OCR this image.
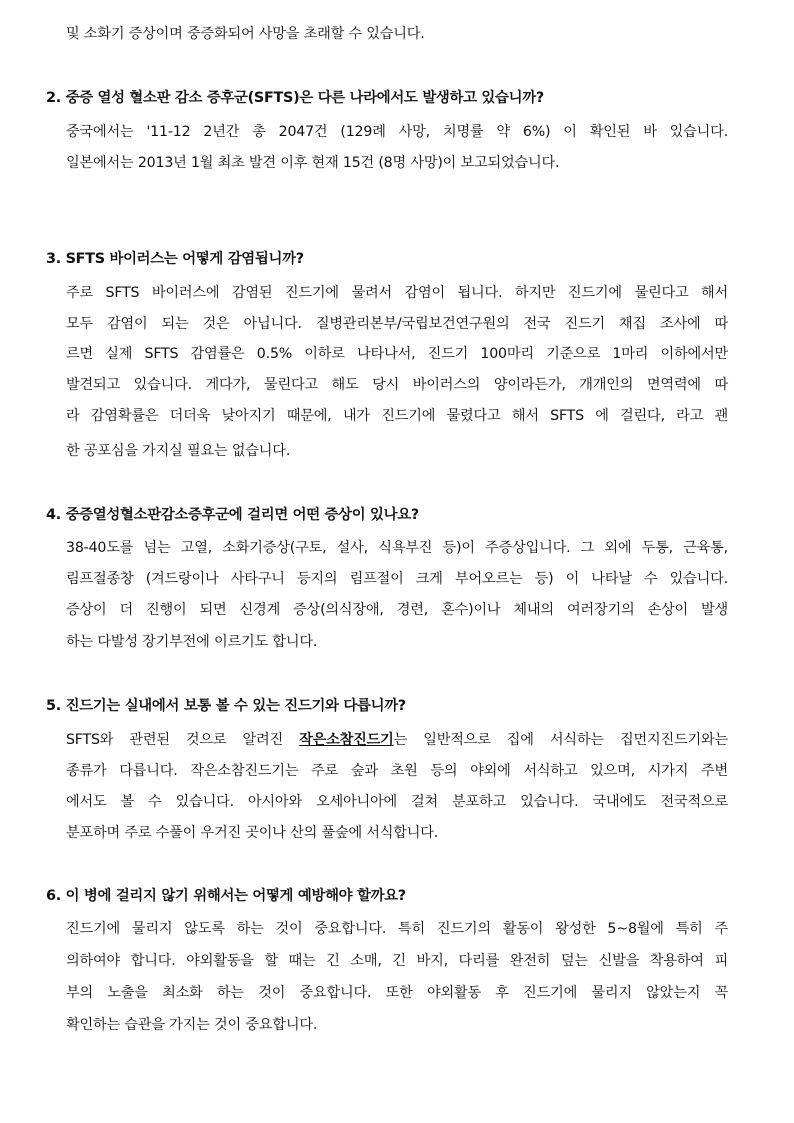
및 소화기 증상이며 중증화되어 사망을 초래할 수 있습니다.
2. 중증 열성 혈소판 감소 증후군(SFTS)은 다른 나라에서도 발생하고 있습니까?
중국에서는 '11-12 2년간 총 2047건 (129례 사망, 치명률 약 6%) 이 확인된 바 있습니다.
일본에서는 2013년 1월 최초 발견 이후 현재 15건 (8명 사망)이 보고되었습니다.
3. SFTS 바이러스는 어떻게 감염됩니까?
주로 SFTS 바이러스에 감염된 진드기에 물려서 감염이 됩니다. 하지만 진드기에 물린다고 해서
모두 감염이 되는 것은 아닙니다. 질병관리본부/국립보건연구원의 전국 진드기 채집 조사에 따
르면 실제 SFTS 감염률은 0.5% 이하로 나타나서, 진드기 100마리 기준으로 1마리 이하에서만
발견되고 있습니다. 게다가, 물린다고 해도 당시 바이러스의 양이라든가, 개개인의 면역력에 따
라 감염확률은 더더욱 낮아지기 때문에, 내가 진드기에 물렸다고 해서 SFTS 에 걸린다, 라고 괜
한 공포심을 가지실 필요는 없습니다.
4. 중증열성혈소판감소증후군에 걸리면 어떤 증상이 있나요?
38-40도를 넘는 고열, 소화기증상(구토, 설사, 식욕부진 등)이 주증상입니다. 그 외에 두통, 근육통,
림프절종창 (겨드랑이나 사타구니 등지의 림프절이 크게 부어오르는 등) 이 나타날 수 있습니다.
증상이 더 진행이 되면 신경계 증상(의식장애, 경련, 혼수)이나 체내의 여러장기의 손상이 발생
하는 다발성 장기부전에 이르기도 합니다.
5. 진드기는 실내에서 보통 볼 수 있는 진드기와 다릅니까?
SFTS와 관련된 것으로 알려진 작은소참진드기는 일반적으로 집에 서식하는 집먼지진드기와는
종류가 다릅니다. 작은소참진드기는 주로 숲과 초원 등의 야외에 서식하고 있으며, 시가지 주변
에서도 볼 수 있습니다. 아시아와 오세아니아에 걸쳐 분포하고 있습니다. 국내에도 전국적으로
분포하며 주로 수풀이 우거진 곳이나 산의 풀숲에 서식합니다.
6. 이 병에 걸리지 않기 위해서는 어떻게 예방해야 할까요?
진드기에 물리지 않도록 하는 것이 중요합니다. 특히 진드기의 활동이 왕성한 5~8월에 특히 주
의하여야 합니다. 야외활동을 할 때는 긴 소매, 긴 바지, 다리를 완전히 덮는 신발을 착용하여 피
부의 노출을 최소화 하는 것이 중요합니다. 또한 야외활동 후 진드기에 물리지 않았는지 꼭
확인하는 습관을 가지는 것이 중요합니다.
